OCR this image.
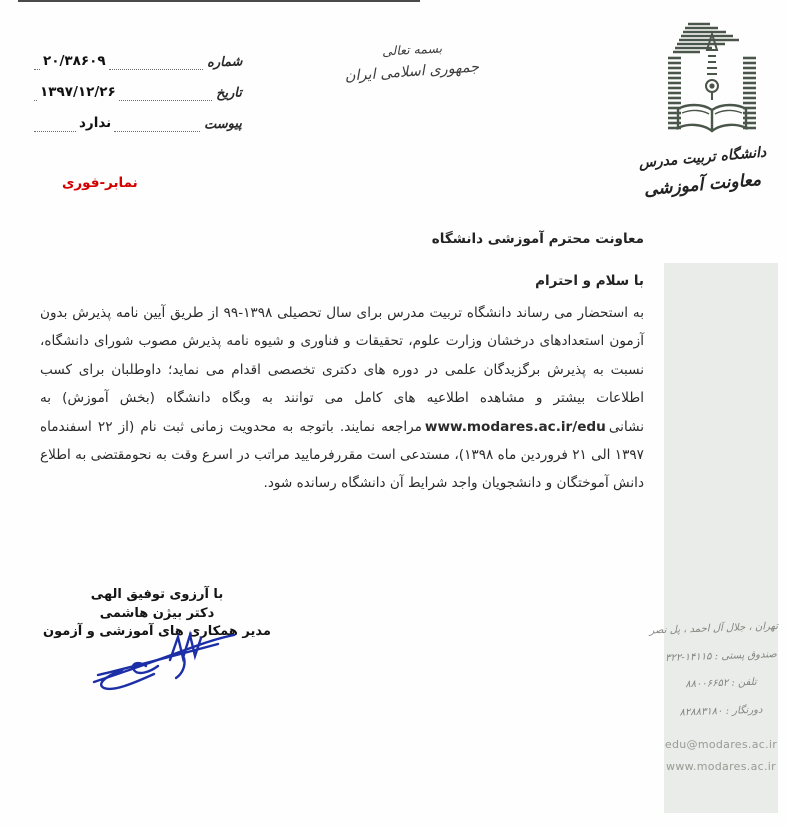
شماره
۲۰/۳۸۶۰۹
تاریخ
۱۳۹۷/۱۲/۲۶
پیوست
ندارد
بسمه تعالی
جمهوری اسلامی ایران
دانشگاه تربیت مدرس
معاونت آموزشی
نمابر-فوری
معاونت محترم آموزشی دانشگاه
با سلام و احترام
به استحضار می رساند دانشگاه تربیت مدرس برای سال تحصیلی ۱۳۹۸-۹۹ از طریق آیین نامه پذیرش بدون آزمون استعدادهای درخشان وزارت علوم، تحقیقات و فناوری و شیوه نامه پذیرش مصوب شورای دانشگاه، نسبت به پذیرش برگزیدگان علمی در دوره های دکتری تخصصی اقدام می نماید؛ داوطلبان برای کسب اطلاعات بیشتر و مشاهده اطلاعیه های کامل می توانند به وبگاه دانشگاه (بخش آموزش) به نشانیwww.modares.ac.ir/eduمراجعه نمایند. باتوجه به محدویت زمانی ثبت نام (از ۲۲ اسفندماه ۱۳۹۷ الی ۲۱ فروردین ماه ۱۳۹۸)، مستدعی است مقررفرمایید مراتب در اسرع وقت به نحومقتضی به اطلاع دانش آموختگان و دانشجویان واجد شرایط آن دانشگاه رسانده شود.
با آرزوی توفیق الهی
دکتر بیژن هاشمی
مدیر همکاری های آموزشی و آزمون	تهران ، جلال آل احمد ، پل نصر
صندوق پستی : ۱۴۱۱۵-۳۲۲
تلفن : ۸۸۰۰۶۶۵۲
دورنگار : ۸۲۸۸۳۱۸۰
edu@modares.ac.ir
www.modares.ac.ir
